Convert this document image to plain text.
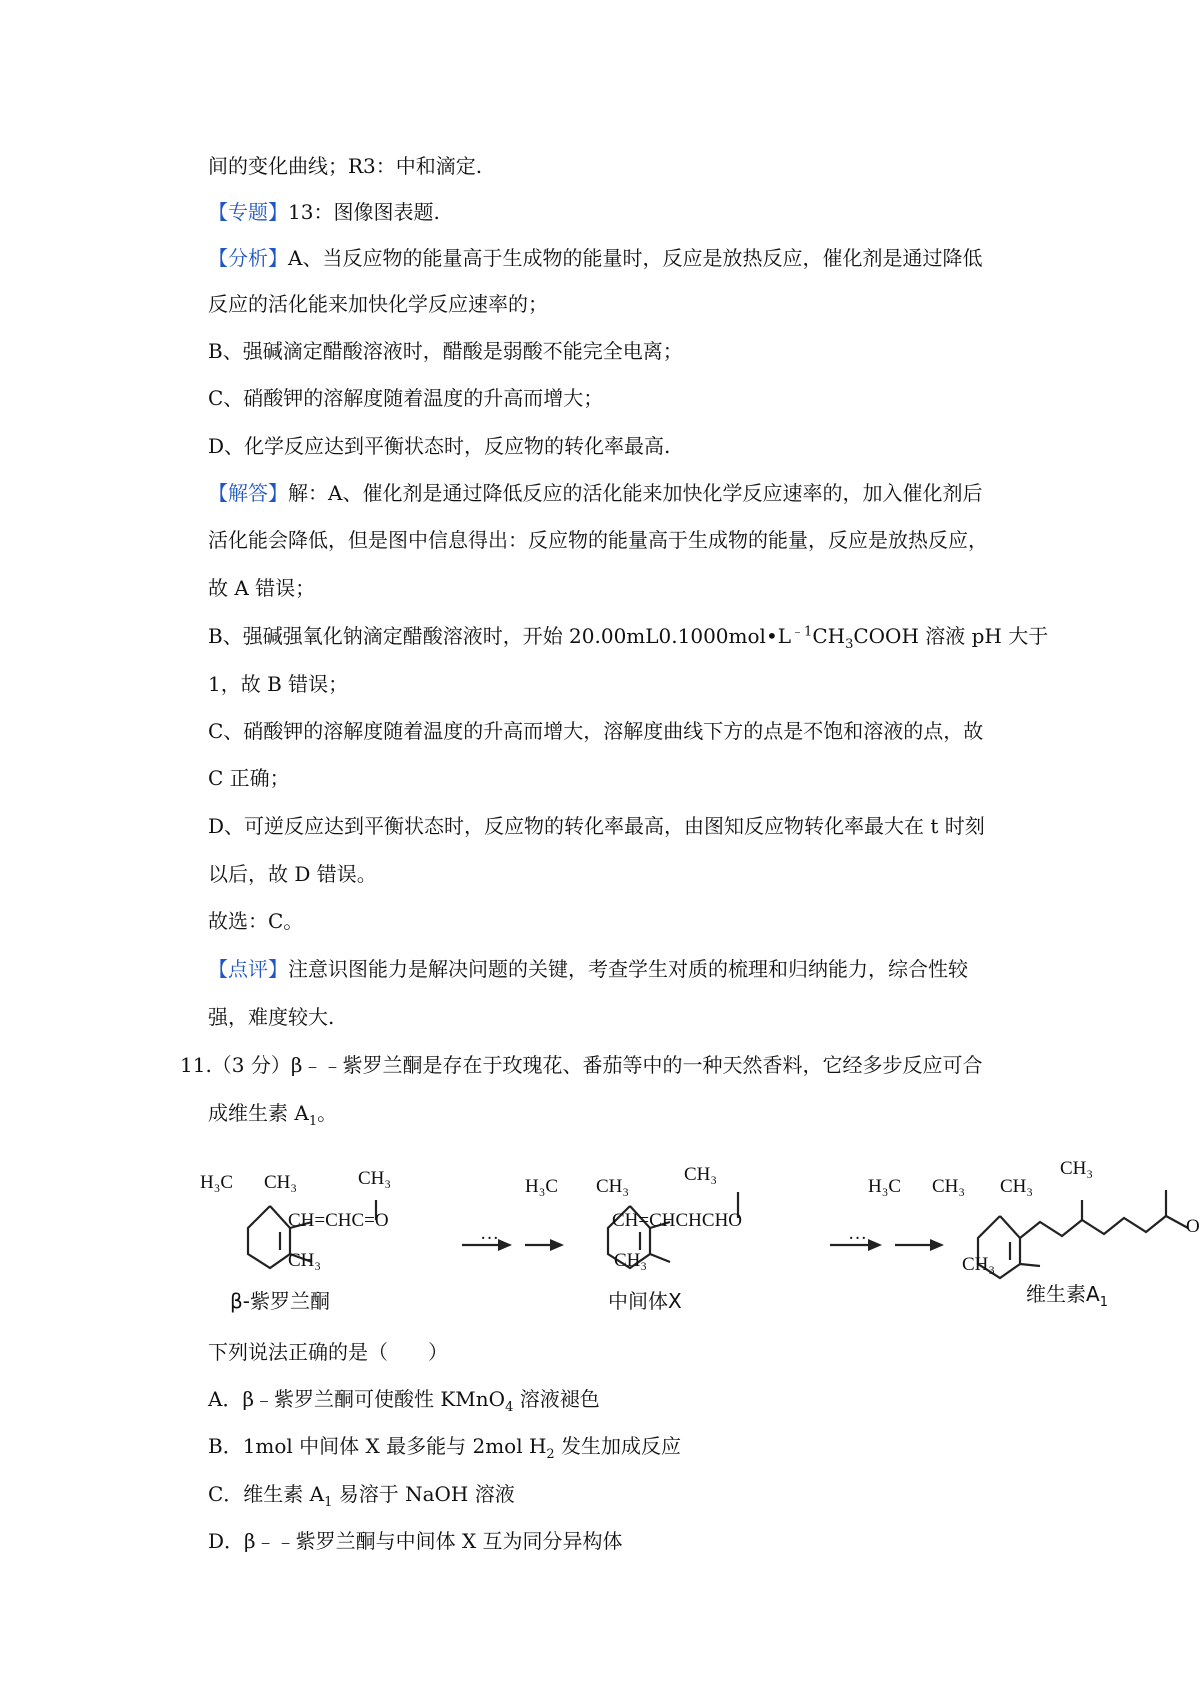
间的变化曲线；R3：中和滴定.
【专题】13：图像图表题.
【分析】A、当反应物的能量高于生成物的能量时，反应是放热反应，催化剂是通过降低
反应的活化能来加快化学反应速率的；
B、强碱滴定醋酸溶液时，醋酸是弱酸不能完全电离；
C、硝酸钾的溶解度随着温度的升高而增大；
D、化学反应达到平衡状态时，反应物的转化率最高.
【解答】解：A、催化剂是通过降低反应的活化能来加快化学反应速率的，加入催化剂后
活化能会降低，但是图中信息得出：反应物的能量高于生成物的能量，反应是放热反应，
故 A 错误；
B、强碱强氧化钠滴定醋酸溶液时，开始 $20.00mL0.1000mol•L^{﹣1}CH_3COOH$ 溶液 pH 大于
1，故 B 错误；
C、硝酸钾的溶解度随着温度的升高而增大，溶解度曲线下方的点是不饱和溶液的点，故
C 正确；
D、可逆反应达到平衡状态时，反应物的转化率最高，由图知反应物转化率最大在 t 时刻
以后，故 D 错误。
故选：C。
【点评】注意识图能力是解决问题的关键，考查学生对质的梳理和归纳能力，综合性较
强，难度较大.
11.（3 分）β﹣﹣紫罗兰酮是存在于玫瑰花、番茄等中的一种天然香料，它经多步反应可合
成维生素 $A_1$。
H₃C CH₃	CH₃
CH=CHC=O
CH₃
···
H₃C CH₃
CH₃
CH=CHCHCHO
CH₃
···
H₃C CH₃ CH₃
CH₃
CH₃
O
β-紫罗兰酮	中间体X	维生素$A_1$
下列说法正确的是（　　）
A．β﹣紫罗兰酮可使酸性 KMnO$_4$ 溶液褪色
B．1mol 中间体 X 最多能与 2mol $H_2$ 发生加成反应
C．维生素 $A_1$ 易溶于 NaOH 溶液
D．β﹣﹣紫罗兰酮与中间体 X 互为同分异构体
